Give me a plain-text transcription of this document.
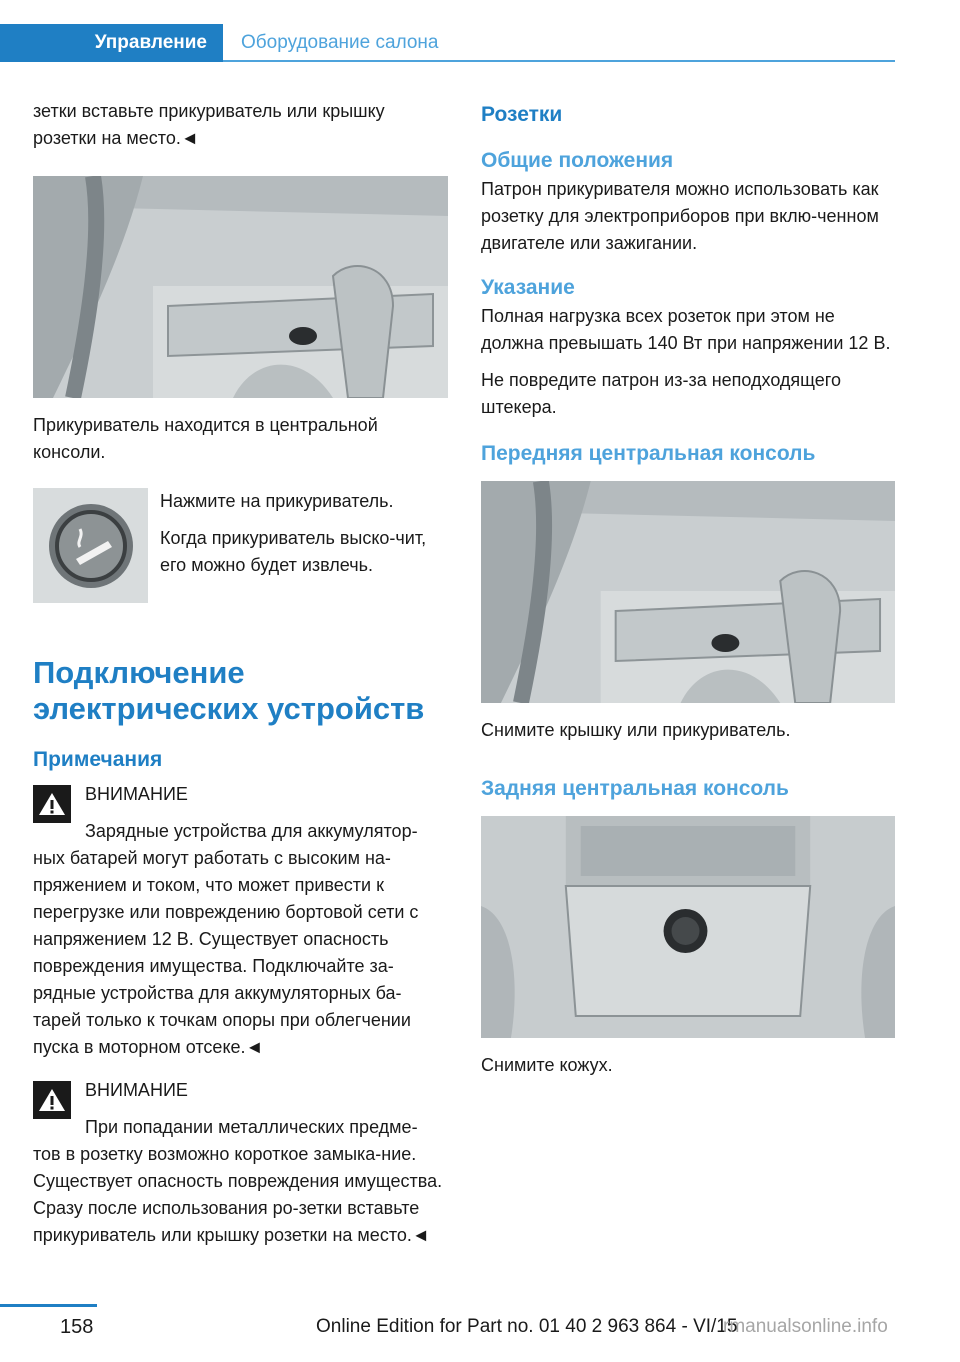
Управление	Оборудование салона

зетки вставьте прикуриватель или крышку розетки на место.◄

Прикуриватель находится в центральной консоли.

Нажмите на прикуриватель.

Когда прикуриватель выско-чит, его можно будет извлечь.

Подключение электрических устройств
Примечания

ВНИМАНИЕ

Зарядные устройства для аккумулятор-

ных батарей могут работать с высоким на-пряжением и током, что может привести к перегрузке или повреждению бортовой сети с напряжением 12 В. Существует опасность повреждения имущества. Подключайте за-рядные устройства для аккумуляторных ба-тарей только к точкам опоры при облегчении пуска в моторном отсеке.◄

ВНИМАНИЕ

При попадании металлических предме-

тов в розетку возможно короткое замыка-ние. Существует опасность повреждения имущества. Сразу после использования ро-зетки вставьте прикуриватель или крышку розетки на место.◄

Розетки
Общие положения

Патрон прикуривателя можно использовать как розетку для электроприборов при вклю-ченном двигателе или зажигании.

Указание

Полная нагрузка всех розеток при этом не должна превышать 140 Вт при напряжении 12 В.

Не повредите патрон из-за неподходящего штекера.

Передняя центральная консоль

Снимите крышку или прикуриватель.

Задняя центральная консоль

Снимите кожух.

158	Online Edition for Part no. 01 40 2 963 864 - VI/15
rmanualsonline.info
